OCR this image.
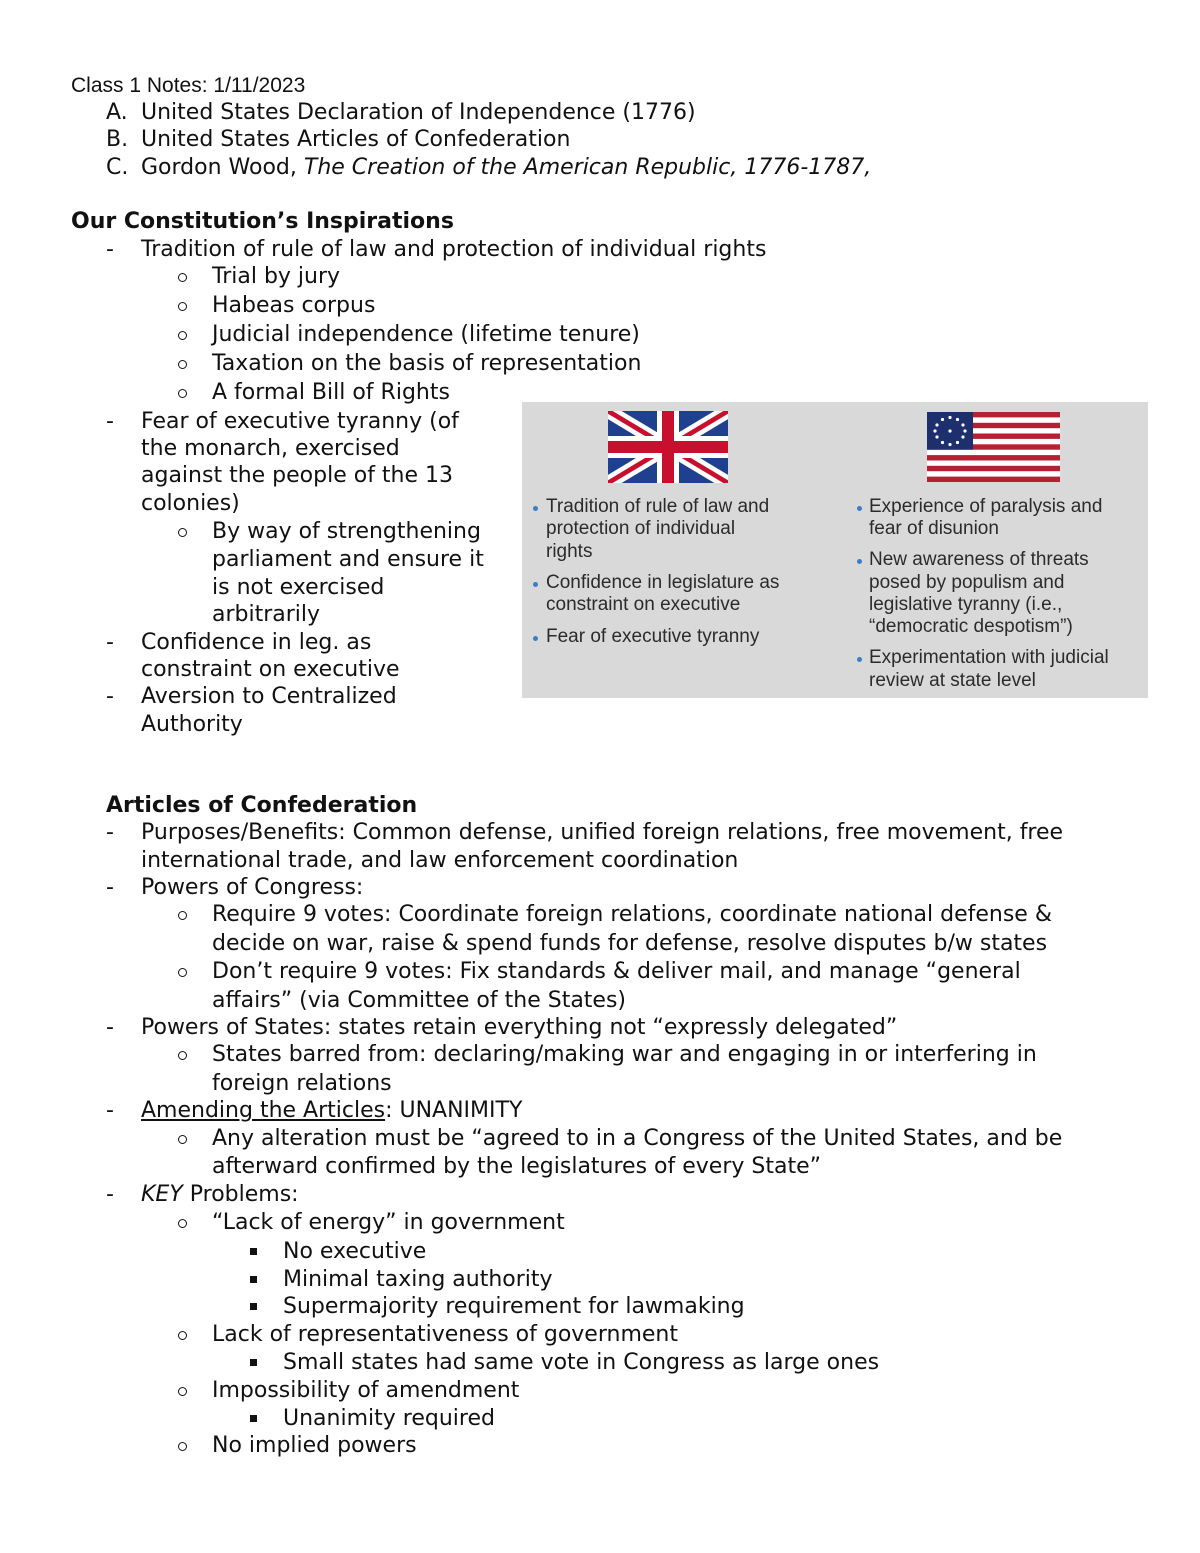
Class 1 Notes: 1/11/2023
A. United States Declaration of Independence (1776)
B. United States Articles of Confederation
C. Gordon Wood, The Creation of the American Republic, 1776-1787,
Our Constitution’s Inspirations
- Tradition of rule of law and protection of individual rights
Trial by jury
Habeas corpus
Judicial independence (lifetime tenure)
Taxation on the basis of representation
A formal Bill of Rights
- Fear of executive tyranny (of
the monarch, exercised
against the people of the 13
colonies)
By way of strengthening
parliament and ensure it
is not exercised
arbitrarily
- Confidence in leg. as
constraint on executive
- Aversion to Centralized
Authority
Tradition of rule of law and
protection of individual
rights
Confidence in legislature as
constraint on executive
Fear of executive tyranny
Experience of paralysis and
fear of disunion
New awareness of threats
posed by populism and
legislative tyranny (i.e.,
“democratic despotism”)
Experimentation with judicial
review at state level
Articles of Confederation
- Purposes/Benefits: Common defense, unified foreign relations, free movement, free
international trade, and law enforcement coordination
- Powers of Congress:
Require 9 votes: Coordinate foreign relations, coordinate national defense &
decide on war, raise & spend funds for defense, resolve disputes b/w states
Don’t require 9 votes: Fix standards & deliver mail, and manage “general
affairs” (via Committee of the States)
- Powers of States: states retain everything not “expressly delegated”
States barred from: declaring/making war and engaging in or interfering in
foreign relations
- Amending the Articles: UNANIMITY
Any alteration must be “agreed to in a Congress of the United States, and be
afterward confirmed by the legislatures of every State”
- KEY Problems:
“Lack of energy” in government
No executive
Minimal taxing authority
Supermajority requirement for lawmaking
Lack of representativeness of government
Small states had same vote in Congress as large ones
Impossibility of amendment
Unanimity required
No implied powers
